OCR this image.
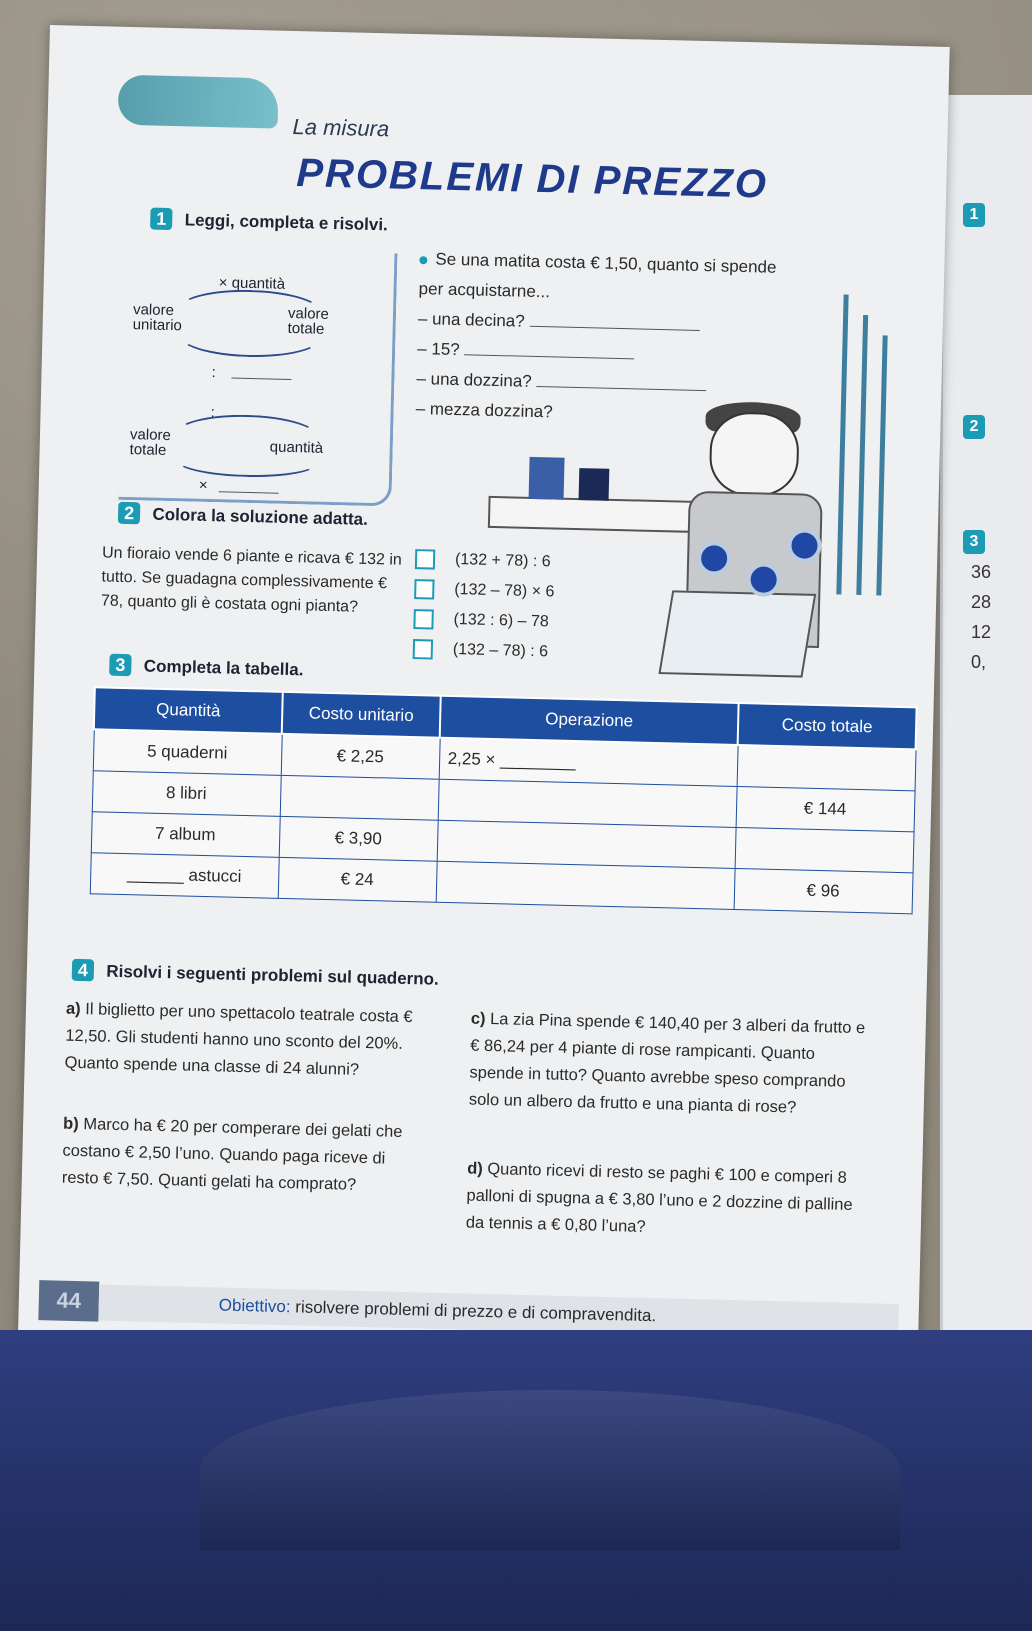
1
2
3
36
28
12
0,
La misura
PROBLEMI DI PREZZO
1 Leggi, completa e risolvi.
× quantità
valore unitario
valore totale
:
:
valore totale	quantità
×
Se una matita costa € 1,50, quanto si spende per acquistarne...
– una decina?
– 15?
– una dozzina?
– mezza dozzina?
2 Colora la soluzione adatta.
Un fioraio vende 6 piante e ricava € 132 in tutto. Se guadagna complessivamente € 78, quanto gli è costata ogni pianta?
(132 + 78) : 6
(132 – 78) × 6
(132 : 6) – 78
(132 – 78) : 6
3 Completa la tabella.
Quantità	Costo unitario	Operazione	Costo totale
5 quaderni	€ 2,25	2,25 × ________	
8 libri			€ 144
7 album	€ 3,90		
______ astucci	€ 24		€ 96
4 Risolvi i seguenti problemi sul quaderno.
a) Il biglietto per uno spettacolo teatrale costa € 12,50. Gli studenti hanno uno sconto del 20%. Quanto spende una classe di 24 alunni?
b) Marco ha € 20 per comperare dei gelati che costano € 2,50 l’uno. Quando paga riceve di resto € 7,50. Quanti gelati ha comprato?
c) La zia Pina spende € 140,40 per 3 alberi da frutto e € 86,24 per 4 piante di rose rampicanti. Quanto spende in tutto? Quanto avrebbe speso comprando solo un albero da frutto e una pianta di rose?
d) Quanto ricevi di resto se paghi € 100 e comperi 8 palloni di spugna a € 3,80 l’uno e 2 dozzine di palline da tennis a € 0,80 l’una?
44	Obiettivo: risolvere problemi di prezzo e di compravendita.
